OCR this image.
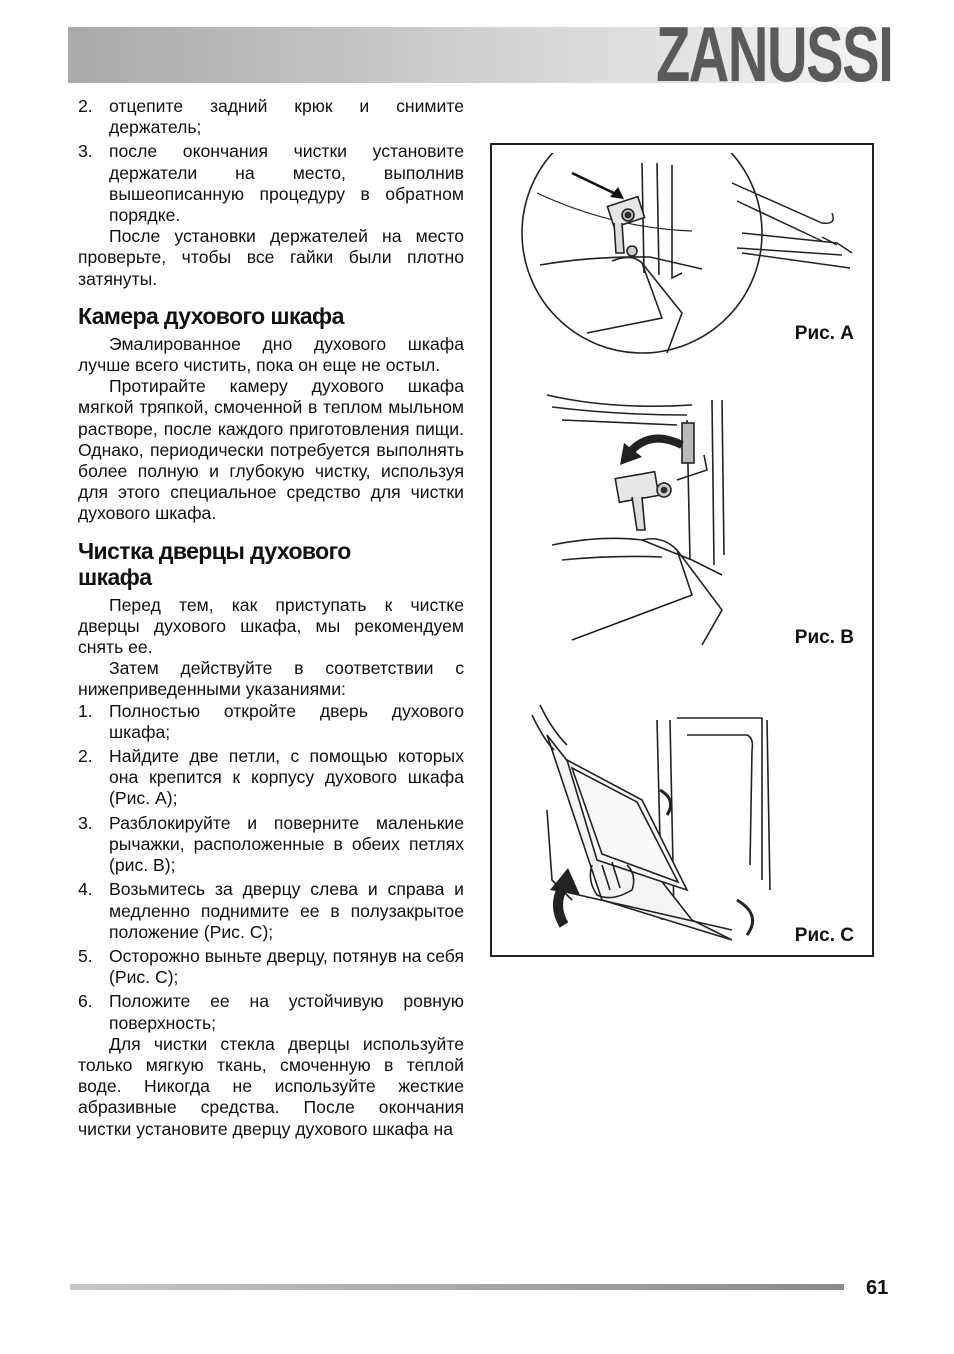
ZANUSSI
2. отцепите задний крюк и снимите держатель;
3. после окончания чистки установите держатели на место, выполнив вышеописанную процедуру в обратном порядке.

После установки держателей на место проверьте, чтобы все гайки были плотно затянуты.

Камера духового шкафа

Эмалированное дно духового шкафа лучше всего чистить, пока он еще не остыл.

Протирайте камеру духового шкафа мягкой тряпкой, смоченной в теплом мыльном растворе, после каждого приготовления пищи. Однако, периодически потребуется выполнять более полную и глубокую чистку, используя для этого специальное средство для чистки духового шкафа.

Чистка дверцы духового
шкафа

Перед тем, как приступать к чистке дверцы духового шкафа, мы рекомендуем снять ее.

Затем действуйте в соответствии с нижеприведенными указаниями:

1. Полностью откройте дверь духового шкафа;
2. Найдите две петли, с помощью которых она крепится к корпусу духового шкафа (Рис. A);
3. Разблокируйте и поверните маленькие рычажки, расположенные в обеих петлях (рис. B);
4. Возьмитесь за дверцу слева и справа и медленно поднимите ее в полузакрытое положение (Рис. C);
5. Осторожно выньте дверцу, потянув на себя (Рис. C);
6. Положите ее на устойчивую ровную поверхность;

Для чистки стекла дверцы используйте только мягкую ткань, смоченную в теплой воде. Никогда не используйте жесткие абразивные средства. После окончания чистки установите дверцу духового шкафа на

Рис. A
Рис. B
Рис. C
61
